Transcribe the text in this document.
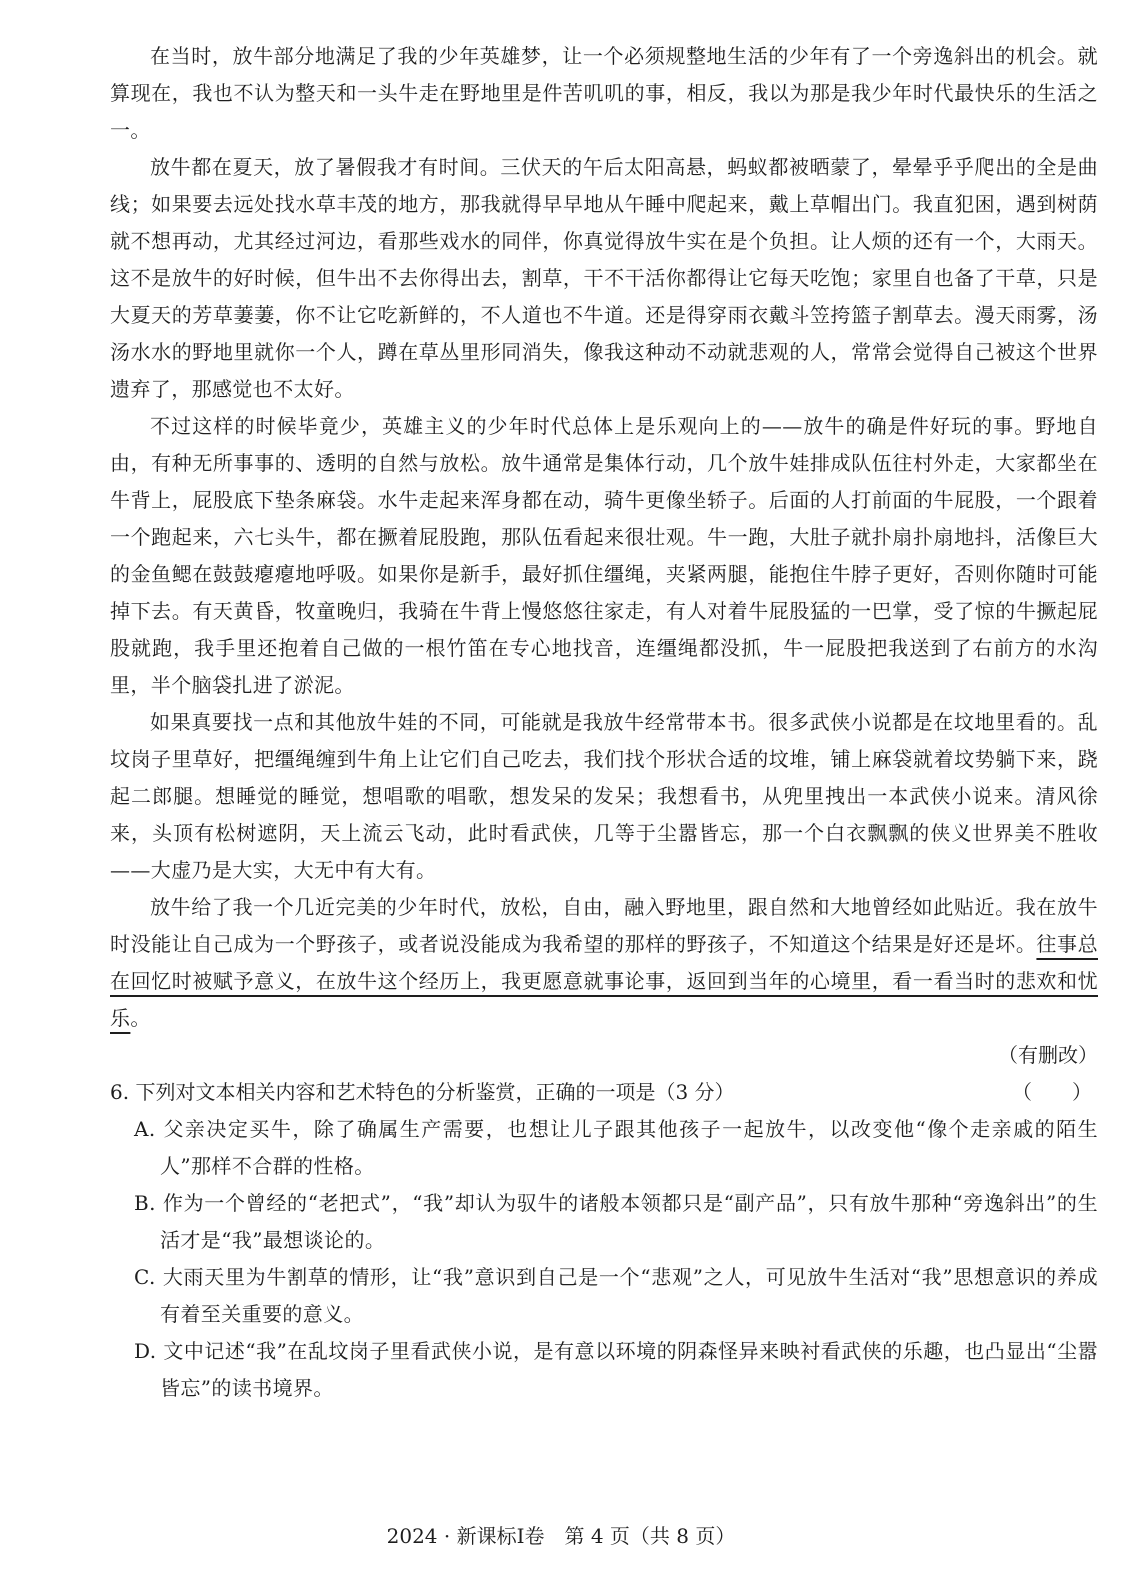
在当时，放牛部分地满足了我的少年英雄梦，让一个必须规整地生活的少年有了一个旁逸斜出的机会。就算现在，我也不认为整天和一头牛走在野地里是件苦叽叽的事，相反，我以为那是我少年时代最快乐的生活之一。

放牛都在夏天，放了暑假我才有时间。三伏天的午后太阳高悬，蚂蚁都被晒蒙了，晕晕乎乎爬出的全是曲线；如果要去远处找水草丰茂的地方，那我就得早早地从午睡中爬起来，戴上草帽出门。我直犯困，遇到树荫就不想再动，尤其经过河边，看那些戏水的同伴，你真觉得放牛实在是个负担。让人烦的还有一个，大雨天。这不是放牛的好时候，但牛出不去你得出去，割草，干不干活你都得让它每天吃饱；家里自也备了干草，只是大夏天的芳草萋萋，你不让它吃新鲜的，不人道也不牛道。还是得穿雨衣戴斗笠挎篮子割草去。漫天雨雾，汤汤水水的野地里就你一个人，蹲在草丛里形同消失，像我这种动不动就悲观的人，常常会觉得自己被这个世界遗弃了，那感觉也不太好。

不过这样的时候毕竟少，英雄主义的少年时代总体上是乐观向上的——放牛的确是件好玩的事。野地自由，有种无所事事的、透明的自然与放松。放牛通常是集体行动，几个放牛娃排成队伍往村外走，大家都坐在牛背上，屁股底下垫条麻袋。水牛走起来浑身都在动，骑牛更像坐轿子。后面的人打前面的牛屁股，一个跟着一个跑起来，六七头牛，都在撅着屁股跑，那队伍看起来很壮观。牛一跑，大肚子就扑扇扑扇地抖，活像巨大的金鱼鳃在鼓鼓瘪瘪地呼吸。如果你是新手，最好抓住缰绳，夹紧两腿，能抱住牛脖子更好，否则你随时可能掉下去。有天黄昏，牧童晚归，我骑在牛背上慢悠悠往家走，有人对着牛屁股猛的一巴掌，受了惊的牛撅起屁股就跑，我手里还抱着自己做的一根竹笛在专心地找音，连缰绳都没抓，牛一屁股把我送到了右前方的水沟里，半个脑袋扎进了淤泥。

如果真要找一点和其他放牛娃的不同，可能就是我放牛经常带本书。很多武侠小说都是在坟地里看的。乱坟岗子里草好，把缰绳缠到牛角上让它们自己吃去，我们找个形状合适的坟堆，铺上麻袋就着坟势躺下来，跷起二郎腿。想睡觉的睡觉，想唱歌的唱歌，想发呆的发呆；我想看书，从兜里拽出一本武侠小说来。清风徐来，头顶有松树遮阴，天上流云飞动，此时看武侠，几等于尘嚣皆忘，那一个白衣飘飘的侠义世界美不胜收——大虚乃是大实，大无中有大有。

放牛给了我一个几近完美的少年时代，放松，自由，融入野地里，跟自然和大地曾经如此贴近。我在放牛时没能让自己成为一个野孩子，或者说没能成为我希望的那样的野孩子，不知道这个结果是好还是坏。往事总在回忆时被赋予意义，在放牛这个经历上，我更愿意就事论事，返回到当年的心境里，看一看当时的悲欢和忧乐。

（有删改）

6. 下列对文本相关内容和艺术特色的分析鉴赏，正确的一项是（3 分）	（　　）

A. 父亲决定买牛，除了确属生产需要，也想让儿子跟其他孩子一起放牛，以改变他“像个走亲戚的陌生人”那样不合群的性格。

B. 作为一个曾经的“老把式”，“我”却认为驭牛的诸般本领都只是“副产品”，只有放牛那种“旁逸斜出”的生活才是“我”最想谈论的。

C. 大雨天里为牛割草的情形，让“我”意识到自己是一个“悲观”之人，可见放牛生活对“我”思想意识的养成有着至关重要的意义。

D. 文中记述“我”在乱坟岗子里看武侠小说，是有意以环境的阴森怪异来映衬看武侠的乐趣，也凸显出“尘嚣皆忘”的读书境界。

2024 · 新课标Ⅰ卷　第 4 页（共 8 页）
